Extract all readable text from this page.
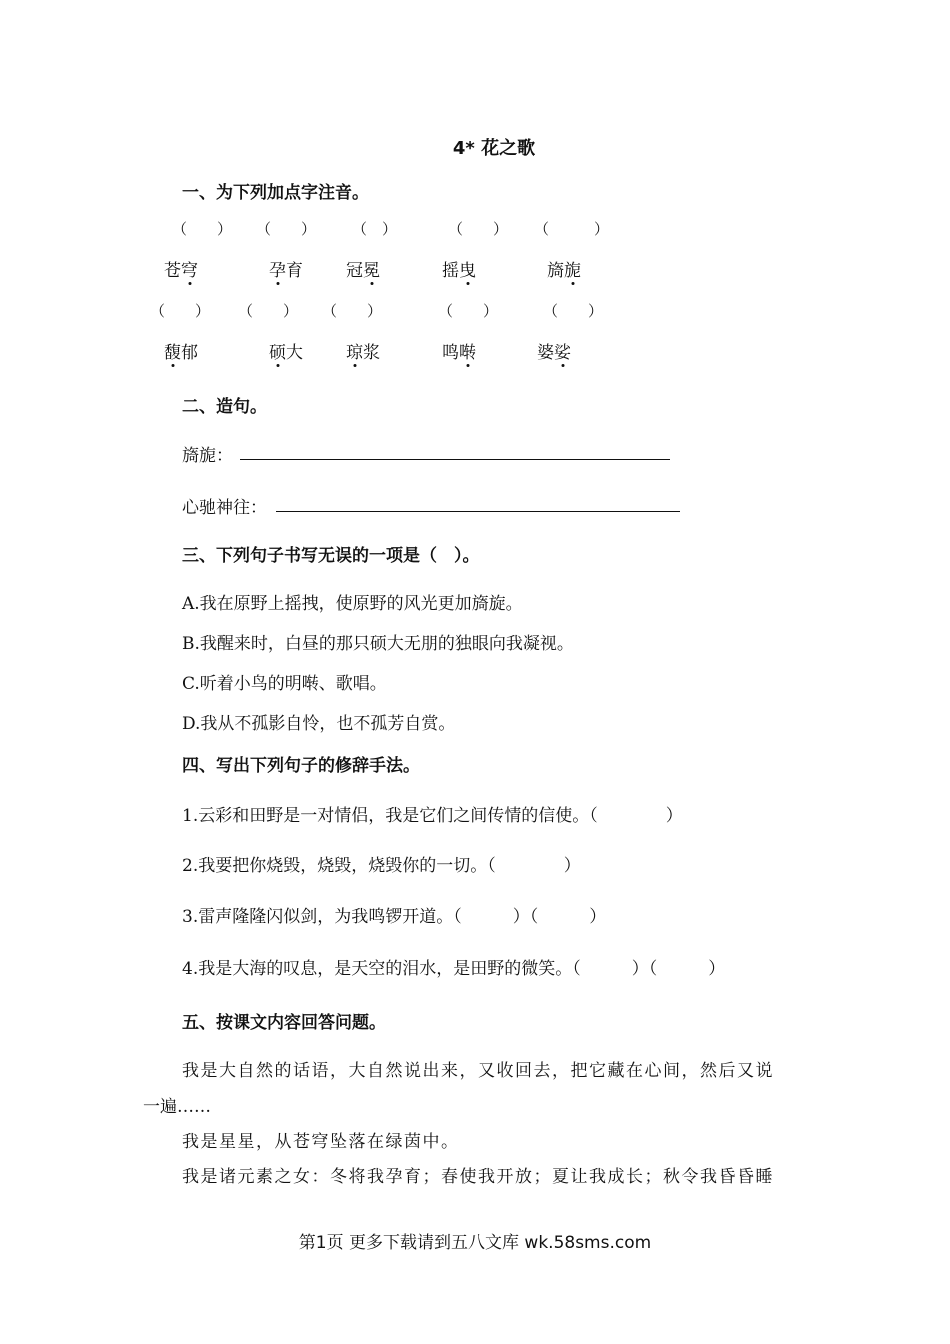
4* 花之歌
一、为下列加点字注音。
（　　） （　　） （　）	（　　） （　　　）
苍穹	孕育	冠冕	摇曳	旖旎
（　　） （　　） （　　）	（　　）	（　　）
馥郁	硕大	琼浆	鸣啭	婆娑
二、造句。
旖旎：
心驰神往：
三、下列句子书写无误的一项是（　）。
A.我在原野上摇拽，使原野的风光更加旖旋。
B.我醒来时，白昼的那只硕大无朋的独眼向我凝视。
C.听着小鸟的明啭、歌唱。
D.我从不孤影自怜，也不孤芳自赏。
四、写出下列句子的修辞手法。
1.云彩和田野是一对情侣，我是它们之间传情的信使。（　　　　）
2.我要把你烧毁，烧毁，烧毁你的一切。（　　　　）
3.雷声隆隆闪似剑，为我鸣锣开道。（　　　）（　　　）
4.我是大海的叹息，是天空的泪水，是田野的微笑。（　　　）（　　　）
五、按课文内容回答问题。
我是大自然的话语，大自然说出来，又收回去，把它藏在心间，然后又说
一遍……
我是星星，从苍穹坠落在绿茵中。
我是诸元素之女：冬将我孕育；春使我开放；夏让我成长；秋令我昏昏睡
第1页 更多下载请到五八文库 wk.58sms.com
